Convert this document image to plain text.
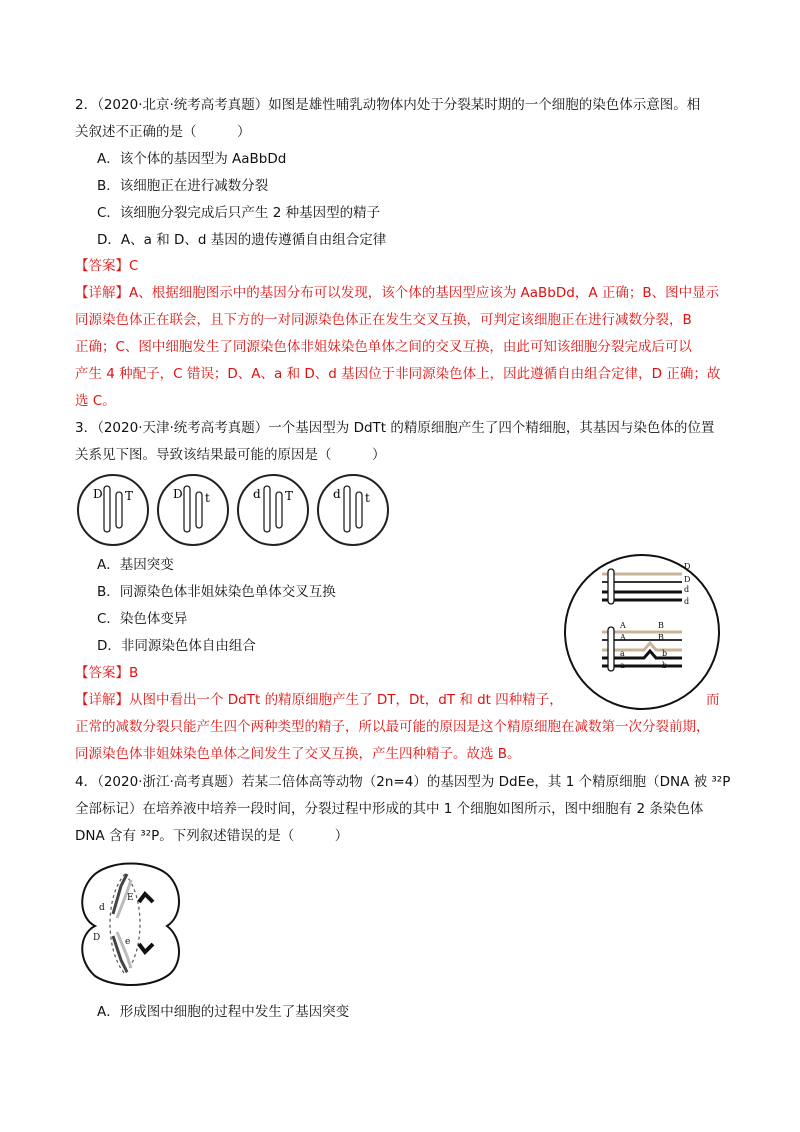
2．（2020·北京·统考高考真题）如图是雄性哺乳动物体内处于分裂某时期的一个细胞的染色体示意图。相
关叙述不正确的是（　　　）
A．该个体的基因型为 AaBbDd
B．该细胞正在进行减数分裂
C．该细胞分裂完成后只产生 2 种基因型的精子
D．A、a 和 D、d 基因的遗传遵循自由组合定律
【答案】C
【详解】A、根据细胞图示中的基因分布可以发现，该个体的基因型应该为 AaBbDd，A 正确；B、图中显示
同源染色体正在联会，且下方的一对同源染色体正在发生交叉互换，可判定该细胞正在进行减数分裂，B
正确；C、图中细胞发生了同源染色体非姐妹染色单体之间的交叉互换，由此可知该细胞分裂完成后可以
产生 4 种配子，C 错误；D、A、a 和 D、d 基因位于非同源染色体上，因此遵循自由组合定律，D 正确；故
选 C。
3．（2020·天津·统考高考真题）一个基因型为 DdTt 的精原细胞产生了四个精细胞，其基因与染色体的位置
关系见下图。导致该结果最可能的原因是（　　　）
D T	D t	d T	d t
A．基因突变
B．同源染色体非姐妹染色单体交叉互换
C．染色体变异
D．非同源染色体自由组合
【答案】B
【详解】从图中看出一个 DdTt 的精原细胞产生了 DT，Dt，dT 和 dt 四种精子，	而
正常的减数分裂只能产生四个两种类型的精子，所以最可能的原因是这个精原细胞在减数第一次分裂前期，
同源染色体非姐妹染色单体之间发生了交叉互换，产生四种精子。故选 B。
D
D
d
d
A	B
A	B
a	b
a	b
4．（2020·浙江·高考真题）若某二倍体高等动物（2n=4）的基因型为 DdEe，其 1 个精原细胞（DNA 被 ³²P
全部标记）在培养液中培养一段时间，分裂过程中形成的其中 1 个细胞如图所示，图中细胞有 2 条染色体
DNA 含有 ³²P。下列叙述错误的是（　　　）
d
E
D	e
A．形成图中细胞的过程中发生了基因突变
